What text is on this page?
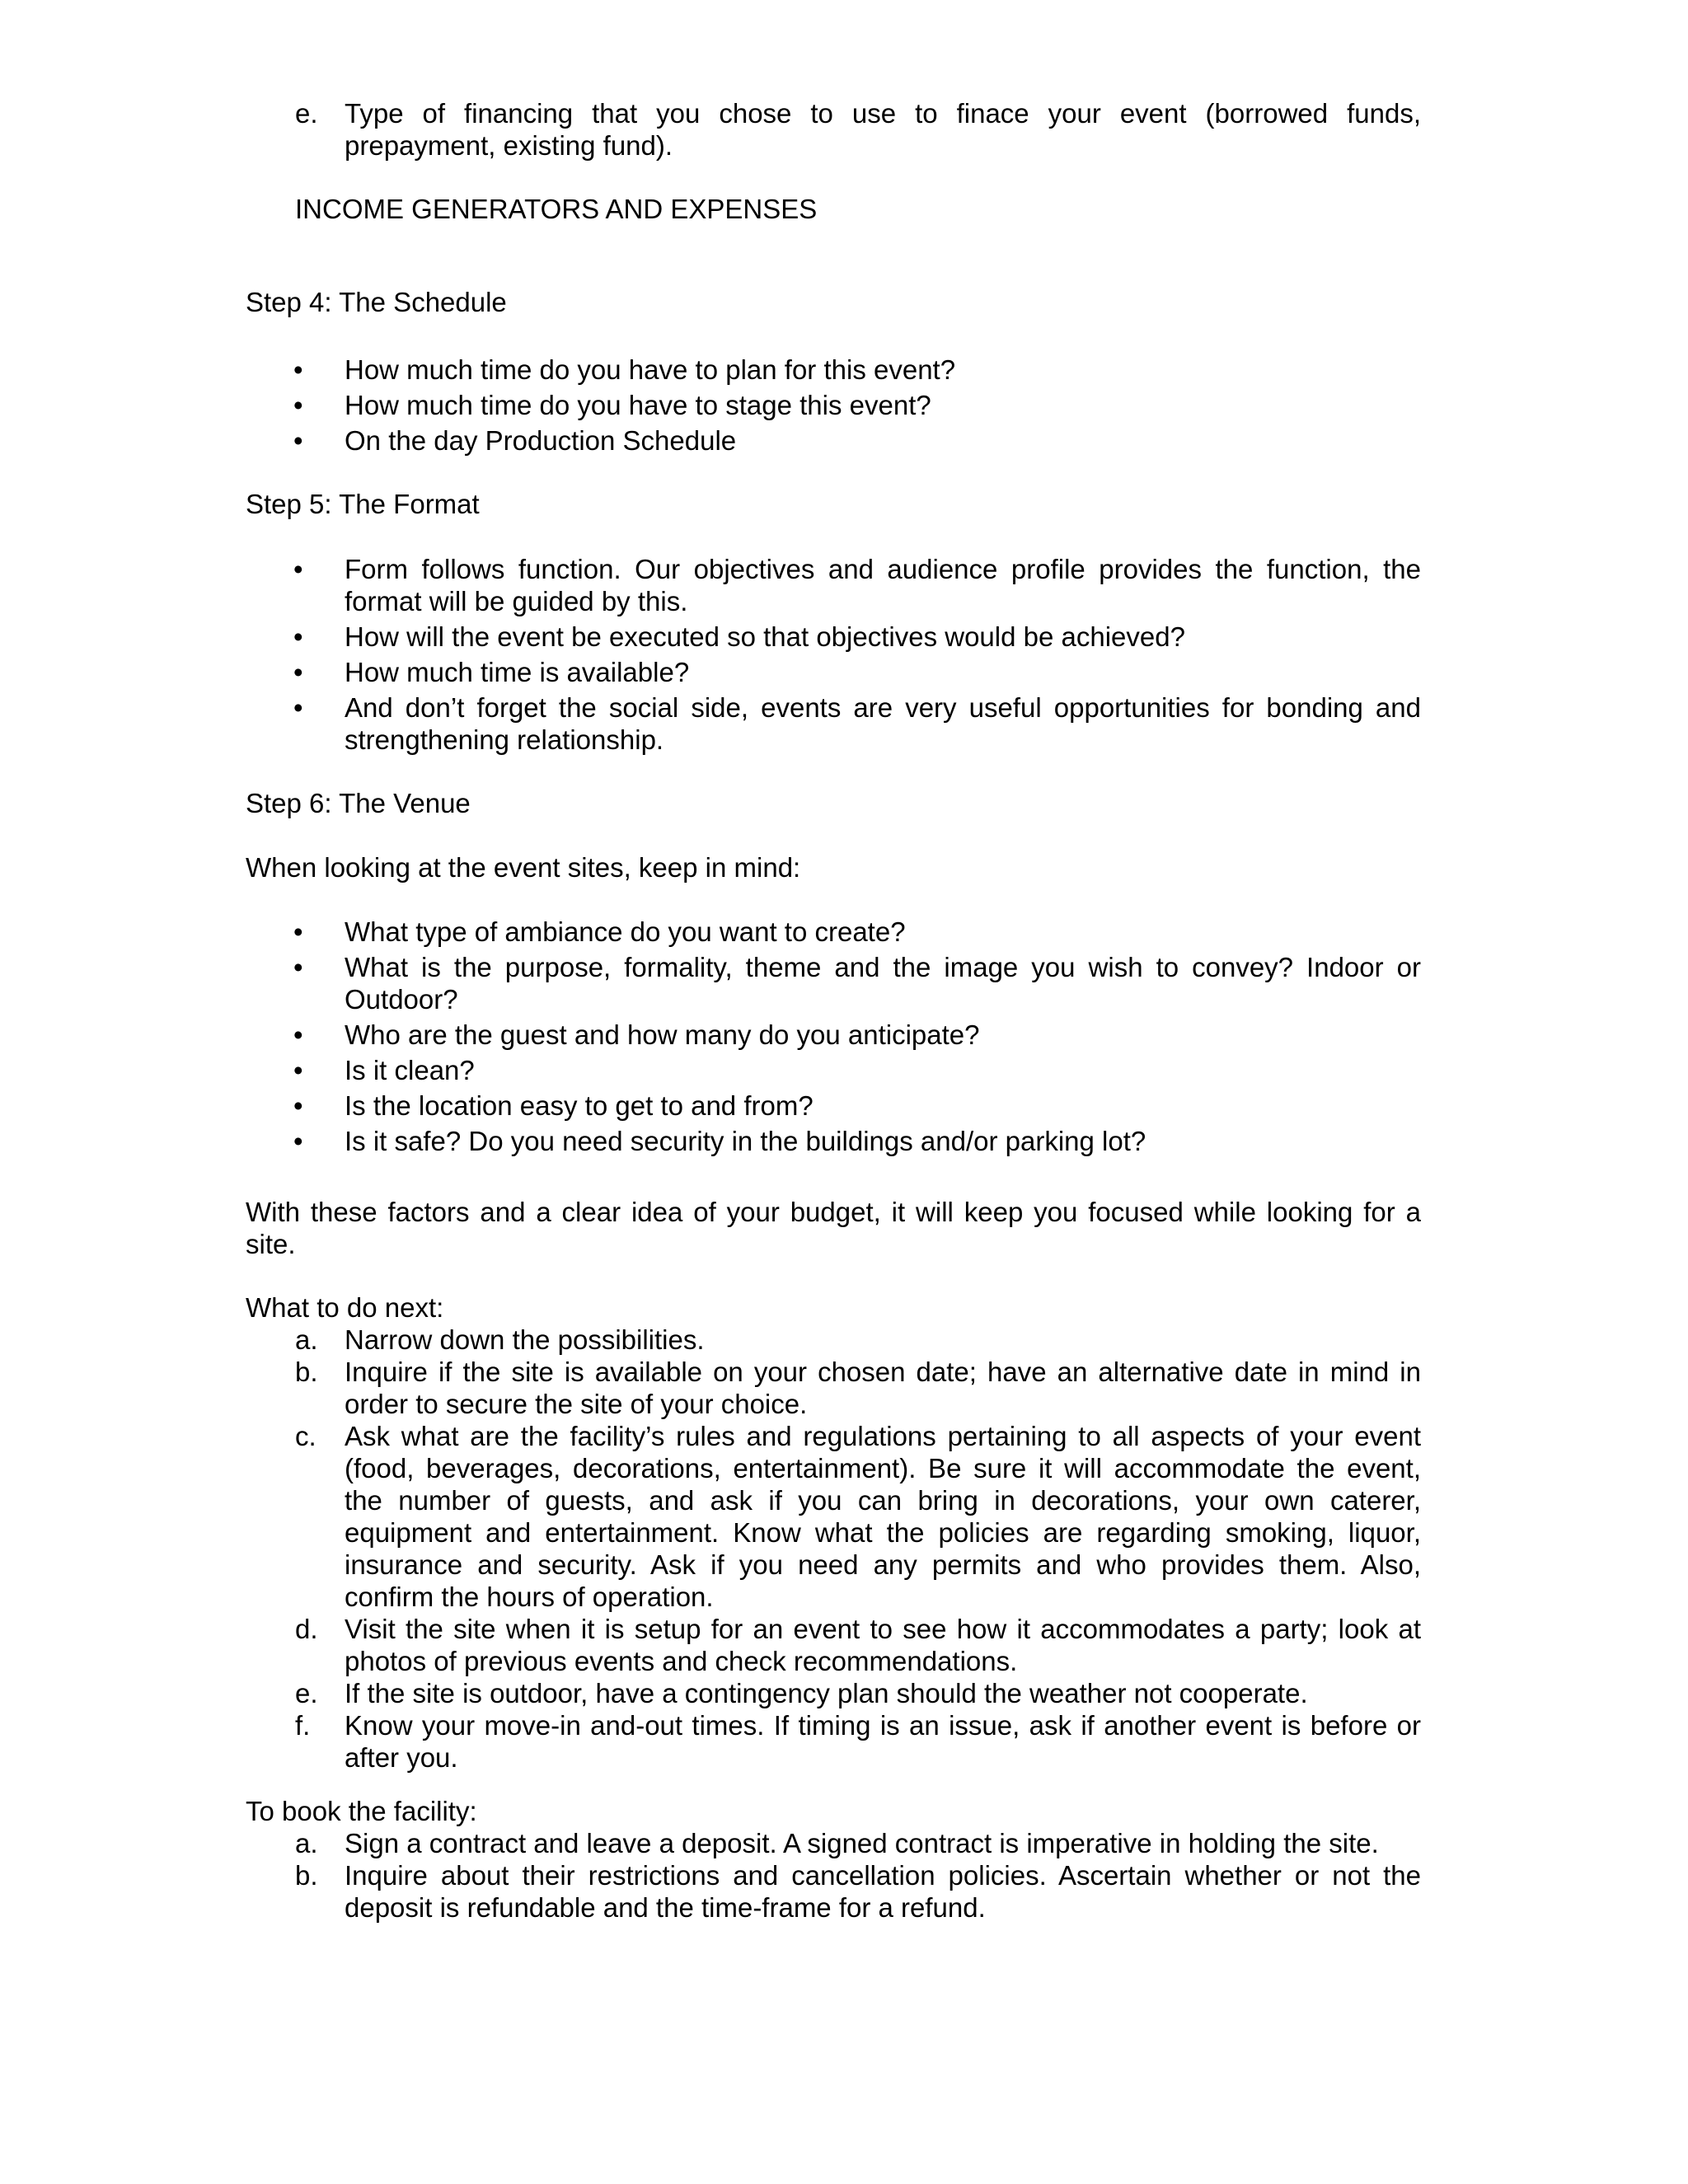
e. Type of financing that you chose to use to finace your event (borrowed funds, prepayment, existing fund).

INCOME GENERATORS AND EXPENSES

Step 4: The Schedule

• How much time do you have to plan for this event?
• How much time do you have to stage this event?
• On the day Production Schedule

Step 5: The Format

• Form follows function. Our objectives and audience profile provides the function, the format will be guided by this.
• How will the event be executed so that objectives would be achieved?
• How much time is available?
• And don’t forget the social side, events are very useful opportunities for bonding and strengthening relationship.

Step 6: The Venue

When looking at the event sites, keep in mind:

• What type of ambiance do you want to create?
• What is the purpose, formality, theme and the image you wish to convey? Indoor or Outdoor?
• Who are the guest and how many do you anticipate?
• Is it clean?
• Is the location easy to get to and from?
• Is it safe? Do you need security in the buildings and/or parking lot?

With these factors and a clear idea of your budget, it will keep you focused while looking for a site.

What to do next:

a. Narrow down the possibilities.
b. Inquire if the site is available on your chosen date; have an alternative date in mind in order to secure the site of your choice.
c. Ask what are the facility’s rules and regulations pertaining to all aspects of your event (food, beverages, decorations, entertainment). Be sure it will accommodate the event, the number of guests, and ask if you can bring in decorations, your own caterer, equipment and entertainment. Know what the policies are regarding smoking, liquor, insurance and security. Ask if you need any permits and who provides them. Also, confirm the hours of operation.
d. Visit the site when it is setup for an event to see how it accommodates a party; look at photos of previous events and check recommendations.
e. If the site is outdoor, have a contingency plan should the weather not cooperate.
f. Know your move-in and-out times. If timing is an issue, ask if another event is before or after you.

To book the facility:

a. Sign a contract and leave a deposit. A signed contract is imperative in holding the site.
b. Inquire about their restrictions and cancellation policies. Ascertain whether or not the deposit is refundable and the time-frame for a refund.
